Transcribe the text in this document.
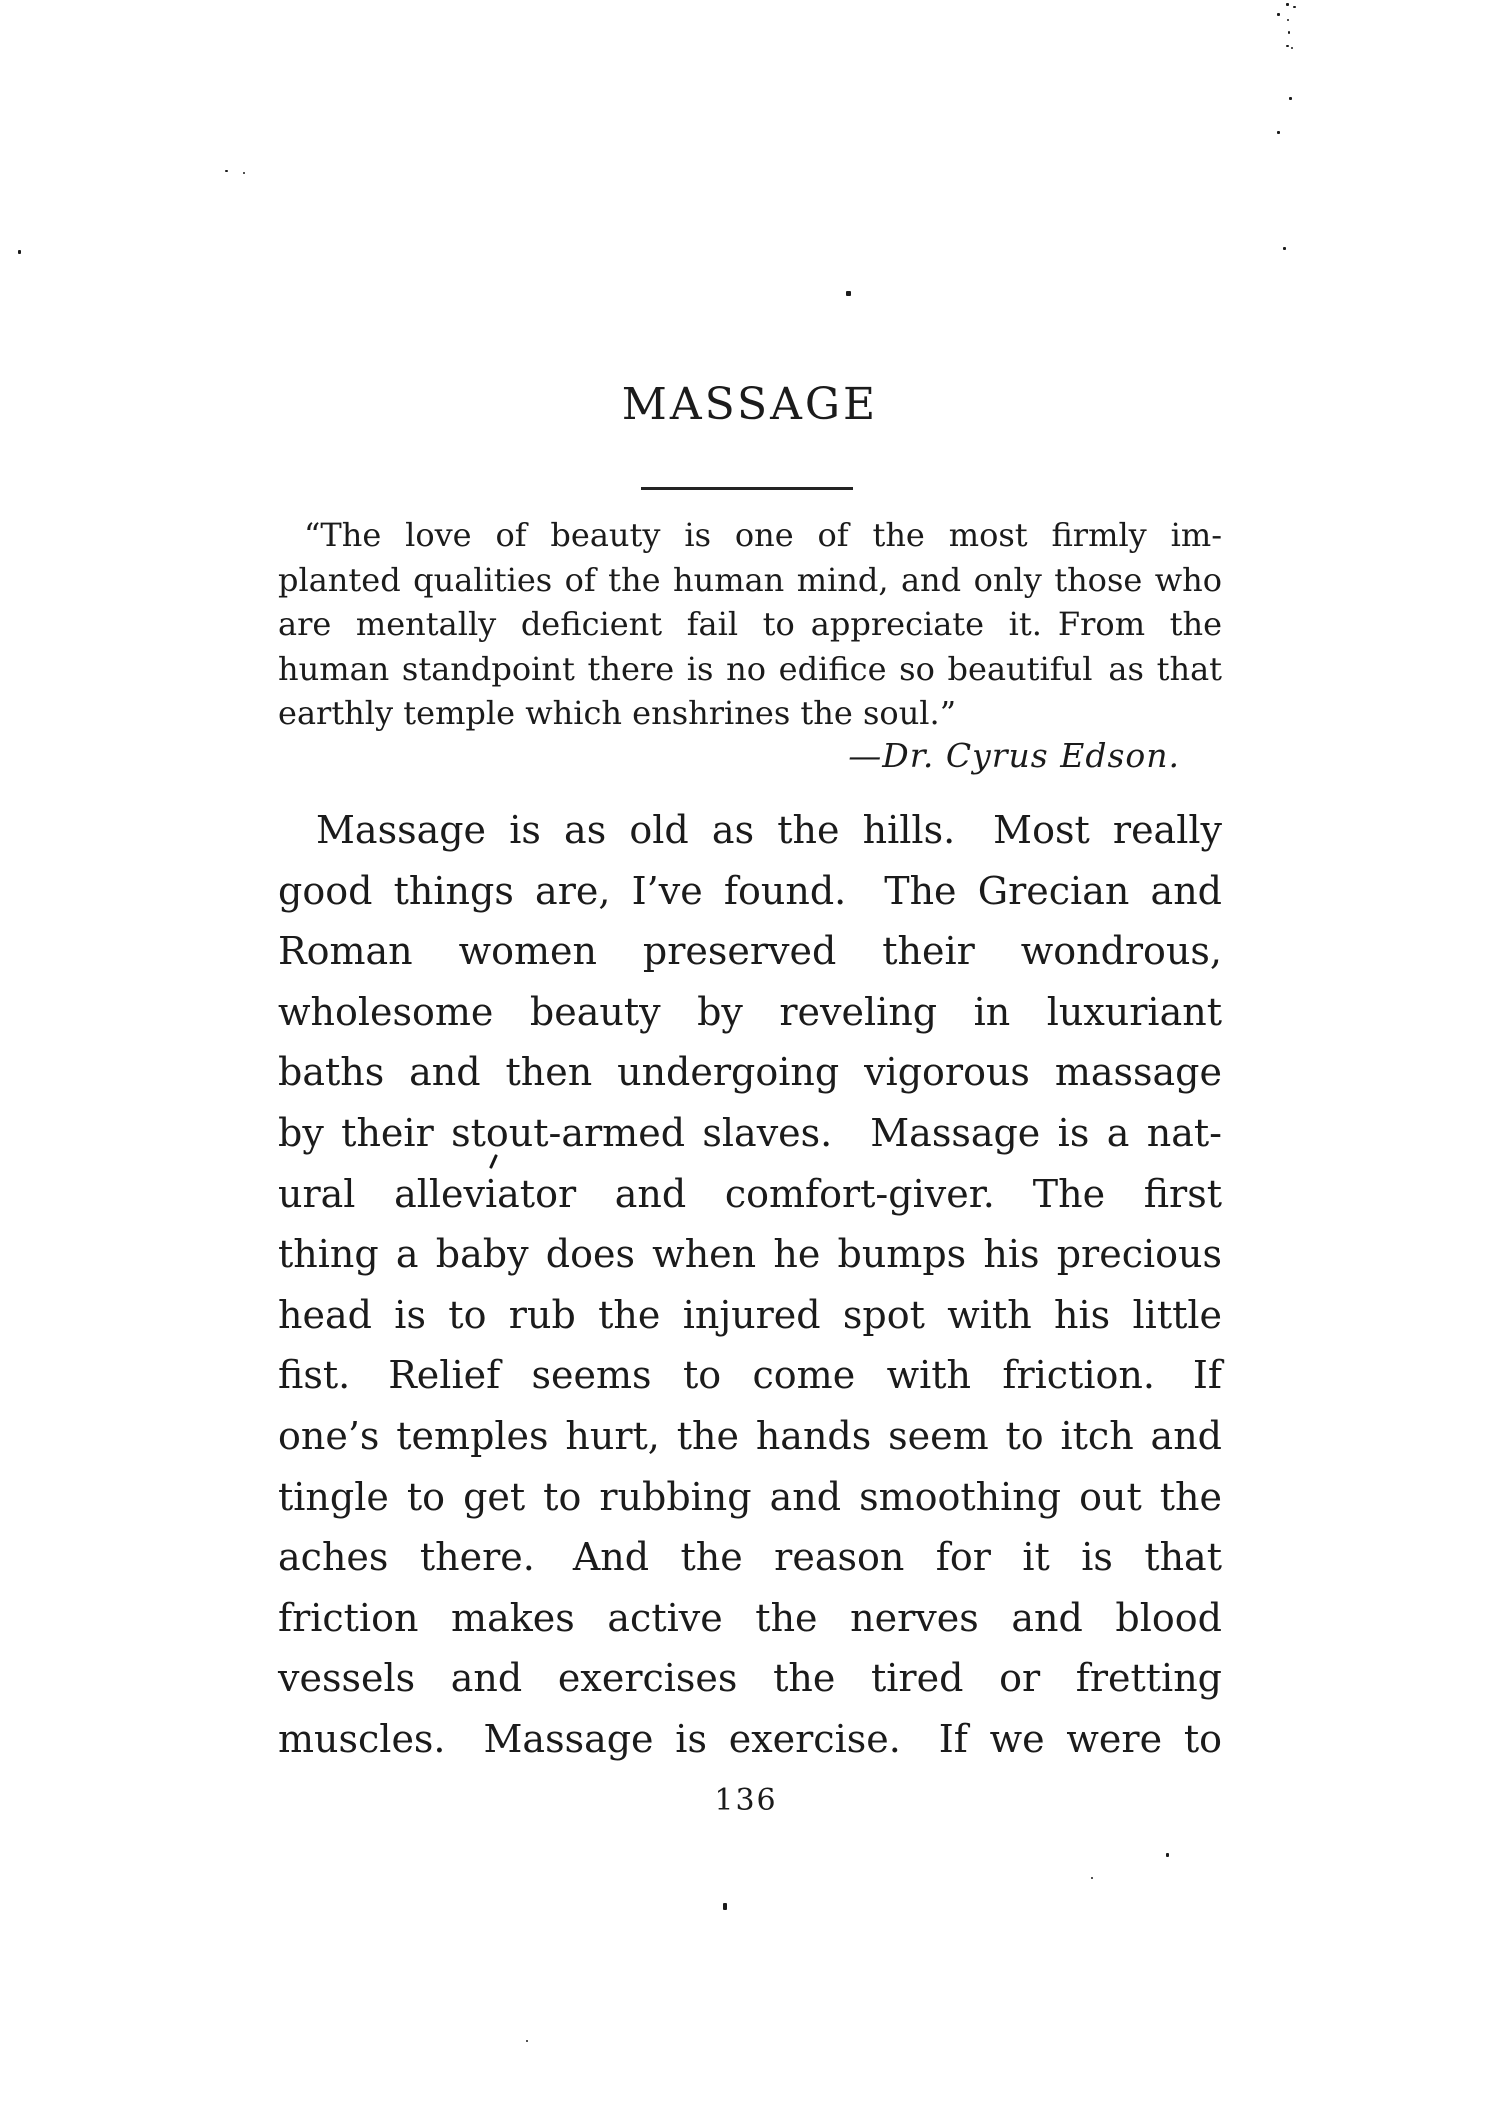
MASSAGE
“The love of beauty is one of the most firmly im-
planted qualities of the human mind, and only those who
are mentally deficient fail to appreciate it. From the
human standpoint there is no edifice so beautiful as that
earthly temple which enshrines the soul.”
—Dr. Cyrus Edson.
Massage is as old as the hills.  Most really
good things are, I’ve found.  The Grecian and
Roman women preserved their wondrous,
wholesome beauty by reveling in luxuriant
baths and then undergoing vigorous massage
by their stout-armed slaves.  Massage is a nat-
ural alleviator and comfort-giver.  The first
thing a baby does when he bumps his precious
head is to rub the injured spot with his little
fist.  Relief seems to come with friction.  If
one’s temples hurt, the hands seem to itch and
tingle to get to rubbing and smoothing out the
aches there.  And the reason for it is that
friction makes active the nerves and blood
vessels and exercises the tired or fretting
muscles.  Massage is exercise.  If we were to
136
